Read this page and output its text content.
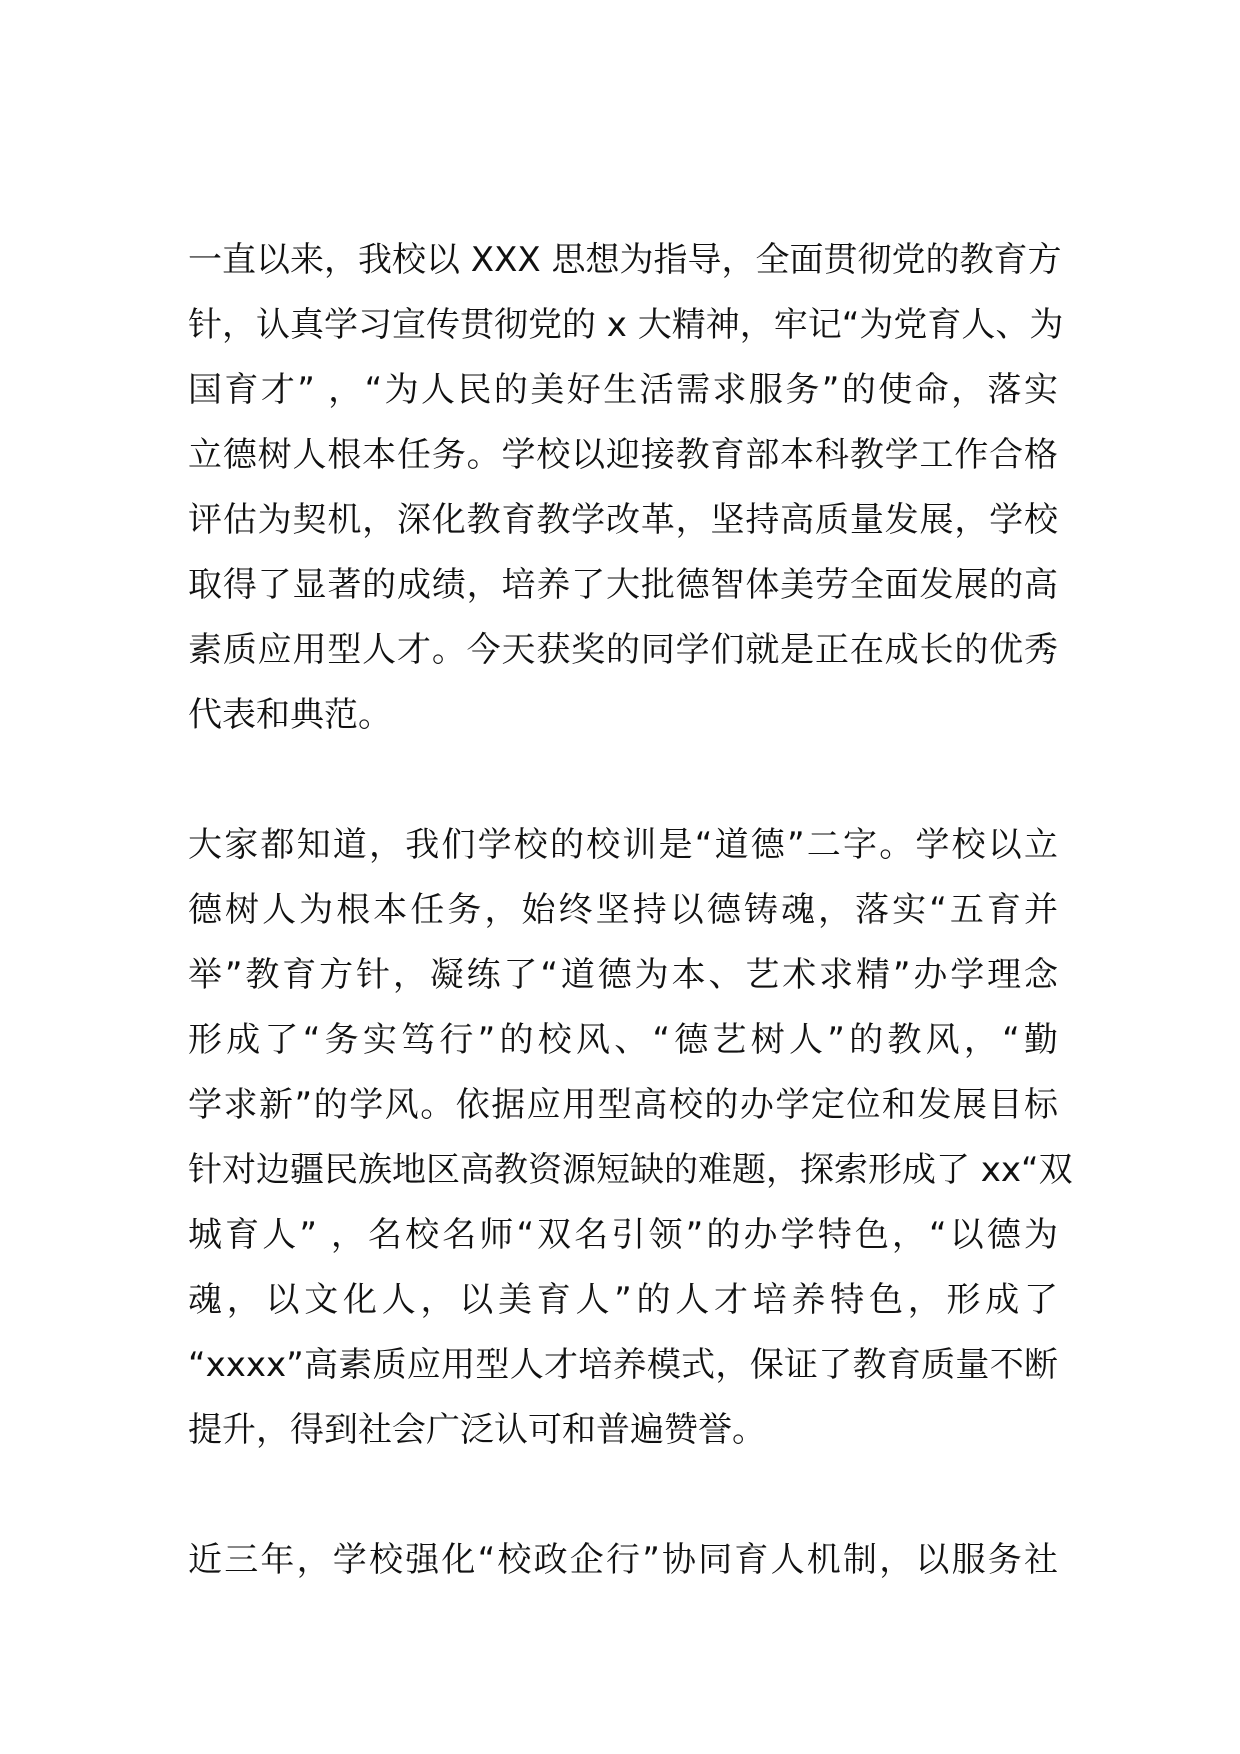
一直以来，我校以 XXX 思想为指导，全面贯彻党的教育方
针，认真学习宣传贯彻党的 x 大精神，牢记“为党育人、为
国育才” ，“为人民的美好生活需求服务”的使命，落实
立德树人根本任务。学校以迎接教育部本科教学工作合格
评估为契机，深化教育教学改革，坚持高质量发展，学校
取得了显著的成绩，培养了大批德智体美劳全面发展的高
素质应用型人才。今天获奖的同学们就是正在成长的优秀
代表和典范。

大家都知道，我们学校的校训是“道德”二字。学校以立
德树人为根本任务，始终坚持以德铸魂，落实“五育并
举”教育方针，凝练了“道德为本、艺术求精”办学理念
形成了“务实笃行”的校风、“德艺树人”的教风，“勤
学求新”的学风。依据应用型高校的办学定位和发展目标
针对边疆民族地区高教资源短缺的难题，探索形成了 xx“双
城育人” ，名校名师“双名引领”的办学特色，“以德为
魂，以文化人，以美育人”的人才培养特色，形成了
“xxxx”高素质应用型人才培养模式，保证了教育质量不断
提升，得到社会广泛认可和普遍赞誉。

近三年，学校强化“校政企行”协同育人机制，以服务社
